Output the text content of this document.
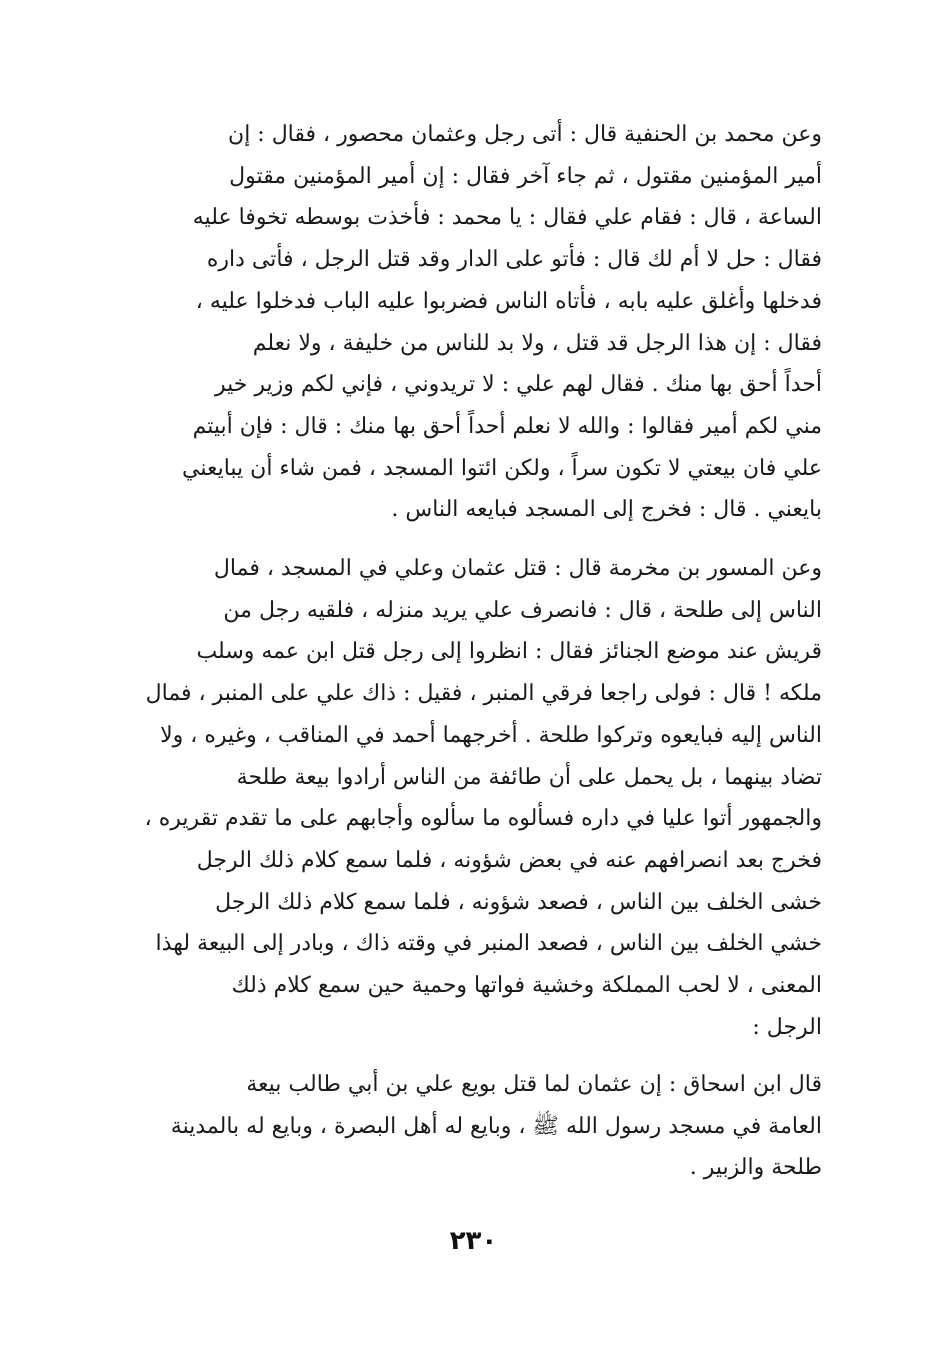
وعن محمد بن الحنفية قال : أتى رجل وعثمان محصور ، فقال : إن
أمير المؤمنين مقتول ، ثم جاء آخر فقال : إن أمير المؤمنين مقتول
الساعة ، قال : فقام علي فقال : يا محمد : فأخذت بوسطه تخوفا عليه
فقال : حل لا أم لك قال : فأتو على الدار وقد قتل الرجل ، فأتى داره
فدخلها وأغلق عليه بابه ، فأتاه الناس فضربوا عليه الباب فدخلوا عليه ،
فقال : إن هذا الرجل قد قتل ، ولا بد للناس من خليفة ، ولا نعلم
أحداً أحق بها منك . فقال لهم علي : لا تريدوني ، فإني لكم وزير خير
مني لكم أمير فقالوا : والله لا نعلم أحداً أحق بها منك : قال : فإن أبيتم
علي فان بيعتي لا تكون سراً ، ولكن ائتوا المسجد ، فمن شاء أن يبايعني
بايعني . قال : فخرج إلى المسجد فبايعه الناس .
وعن المسور بن مخرمة قال : قتل عثمان وعلي في المسجد ، فمال
الناس إلى طلحة ، قال : فانصرف علي يريد منزله ، فلقيه رجل من
قريش عند موضع الجنائز فقال : انظروا إلى رجل قتل ابن عمه وسلب
ملكه ! قال : فولى راجعا فرقي المنبر ، فقيل : ذاك علي على المنبر ، فمال
الناس إليه فبايعوه وتركوا طلحة . أخرجهما أحمد في المناقب ، وغيره ، ولا
تضاد بينهما ، بل يحمل على أن طائفة من الناس أرادوا بيعة طلحة
والجمهور أتوا عليا في داره فسألوه ما سألوه وأجابهم على ما تقدم تقريره ،
فخرج بعد انصرافهم عنه في بعض شؤونه ، فلما سمع كلام ذلك الرجل
خشى الخلف بين الناس ، فصعد شؤونه ، فلما سمع كلام ذلك الرجل
خشي الخلف بين الناس ، فصعد المنبر في وقته ذاك ، وبادر إلى البيعة لهذا
المعنى ، لا لحب المملكة وخشية فواتها وحمية حين سمع كلام ذلك
الرجل :
قال ابن اسحاق : إن عثمان لما قتل بويع علي بن أبي طالب بيعة
العامة في مسجد رسول الله ﷺ ، وبايع له أهل البصرة ، وبايع له بالمدينة
طلحة والزبير .
٢٣٠
